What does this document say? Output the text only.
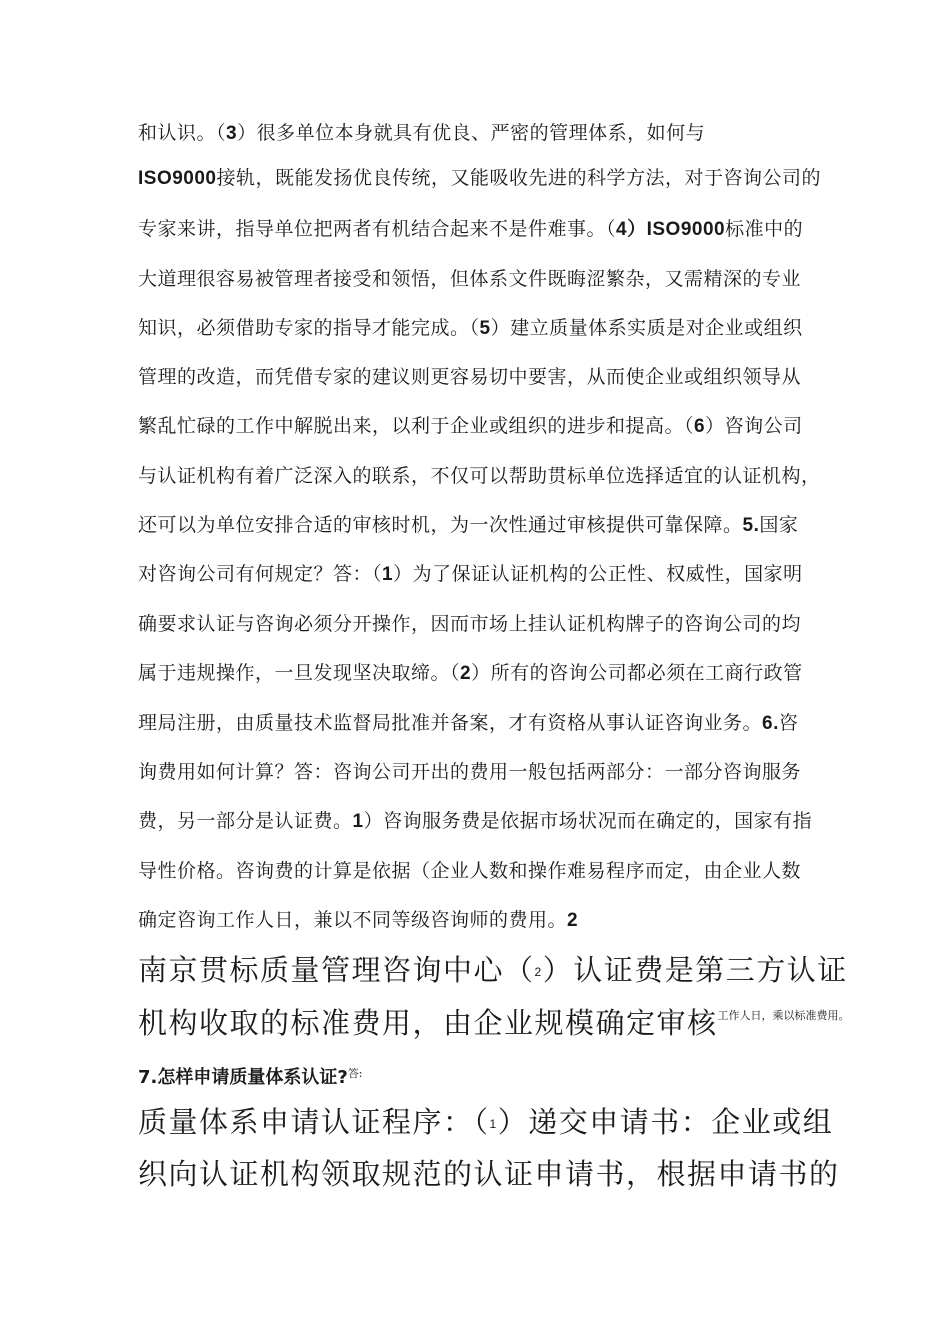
和认识。（3）很多单位本身就具有优良、严密的管理体系，如何与
ISO9000接轨，既能发扬优良传统，又能吸收先进的科学方法，对于咨询公司的
专家来讲，指导单位把两者有机结合起来不是件难事。（4）ISO9000标准中的
大道理很容易被管理者接受和领悟，但体系文件既晦涩繁杂，又需精深的专业
知识，必须借助专家的指导才能完成。（5）建立质量体系实质是对企业或组织
管理的改造，而凭借专家的建议则更容易切中要害，从而使企业或组织领导从
繁乱忙碌的工作中解脱出来，以利于企业或组织的进步和提高。（6）咨询公司
与认证机构有着广泛深入的联系，不仅可以帮助贯标单位选择适宜的认证机构，
还可以为单位安排合适的审核时机，为一次性通过审核提供可靠保障。5.国家
对咨询公司有何规定？答：（1）为了保证认证机构的公正性、权威性，国家明
确要求认证与咨询必须分开操作，因而市场上挂认证机构牌子的咨询公司的均
属于违规操作，一旦发现坚决取缔。（2）所有的咨询公司都必须在工商行政管
理局注册，由质量技术监督局批准并备案，才有资格从事认证咨询业务。6.咨
询费用如何计算？答：咨询公司开出的费用一般包括两部分：一部分咨询服务
费，另一部分是认证费。1）咨询服务费是依据市场状况而在确定的，国家有指
导性价格。咨询费的计算是依据（企业人数和操作难易程序而定，由企业人数
确定咨询工作人日，兼以不同等级咨询师的费用。2
南京贯标质量管理咨询中心（2）认证费是第三方认证
机构收取的标准费用，由企业规模确定审核$^{工作人日,乘以标准费用。}$
7.怎样申请质量体系认证?$^{答:}$
质量体系申请认证程序：（1）递交申请书：企业或组
织向认证机构领取规范的认证申请书，根据申请书的
